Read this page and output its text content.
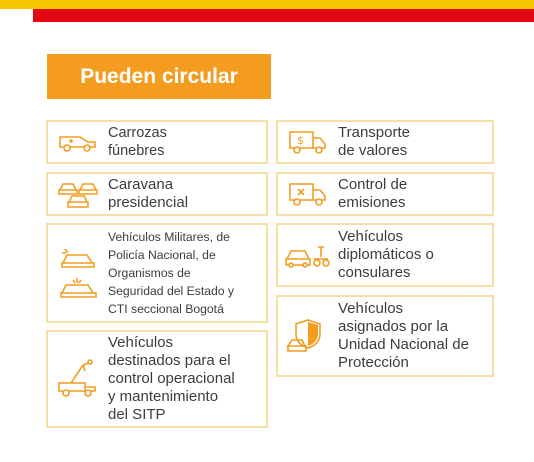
Pueden circular
Carrozas
fúnebres
Caravana
presidencial
Vehículos Militares, de
Policía Nacional, de
Organismos de
Seguridad del Estado y
CTI seccional Bogotá
Vehículos
destinados para el
control operacional
y mantenimiento
del SITP
$ Transporte
de valores
Control de
emisiones
Vehículos
diplomáticos o
consulares
Vehículos
asignados por la
Unidad Nacional de
Protección
